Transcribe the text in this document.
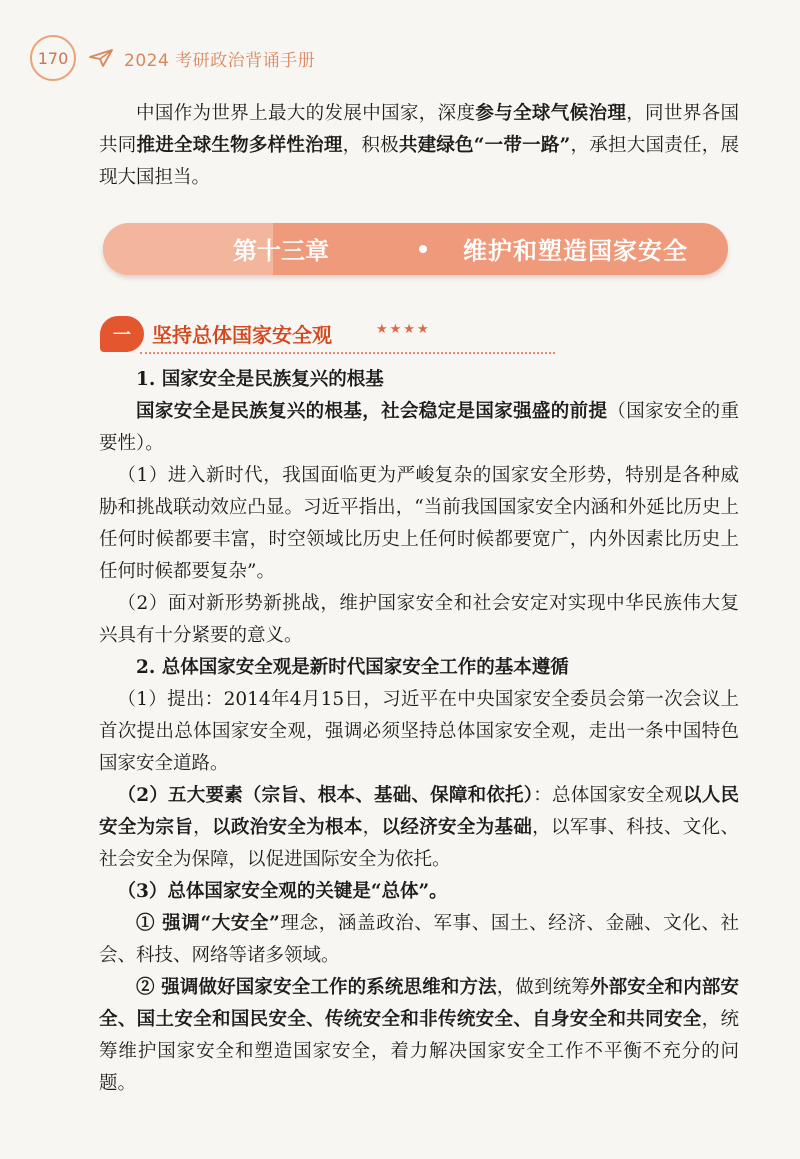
170	2024 考研政治背诵手册

中国作为世界上最大的发展中国家，深度参与全球气候治理，同世界各国共同推进全球生物多样性治理，积极共建绿色“一带一路”，承担大国责任，展现大国担当。

第十三章	维护和塑造国家安全
一 坚持总体国家安全观	★★★★

1. 国家安全是民族复兴的根基

国家安全是民族复兴的根基，社会稳定是国家强盛的前提（国家安全的重要性）。

（1）进入新时代，我国面临更为严峻复杂的国家安全形势，特别是各种威胁和挑战联动效应凸显。习近平指出，“当前我国国家安全内涵和外延比历史上任何时候都要丰富，时空领域比历史上任何时候都要宽广，内外因素比历史上任何时候都要复杂”。

（2）面对新形势新挑战，维护国家安全和社会安定对实现中华民族伟大复兴具有十分紧要的意义。

2. 总体国家安全观是新时代国家安全工作的基本遵循

（1）提出：2014年4月15日，习近平在中央国家安全委员会第一次会议上首次提出总体国家安全观，强调必须坚持总体国家安全观，走出一条中国特色国家安全道路。

（2）五大要素（宗旨、根本、基础、保障和依托）：总体国家安全观以人民安全为宗旨，以政治安全为根本，以经济安全为基础，以军事、科技、文化、社会安全为保障，以促进国际安全为依托。

（3）总体国家安全观的关键是“总体”。

① 强调“大安全”理念，涵盖政治、军事、国土、经济、金融、文化、社会、科技、网络等诸多领域。

② 强调做好国家安全工作的系统思维和方法，做到统筹外部安全和内部安全、国土安全和国民安全、传统安全和非传统安全、自身安全和共同安全，统筹维护国家安全和塑造国家安全，着力解决国家安全工作不平衡不充分的问题。
